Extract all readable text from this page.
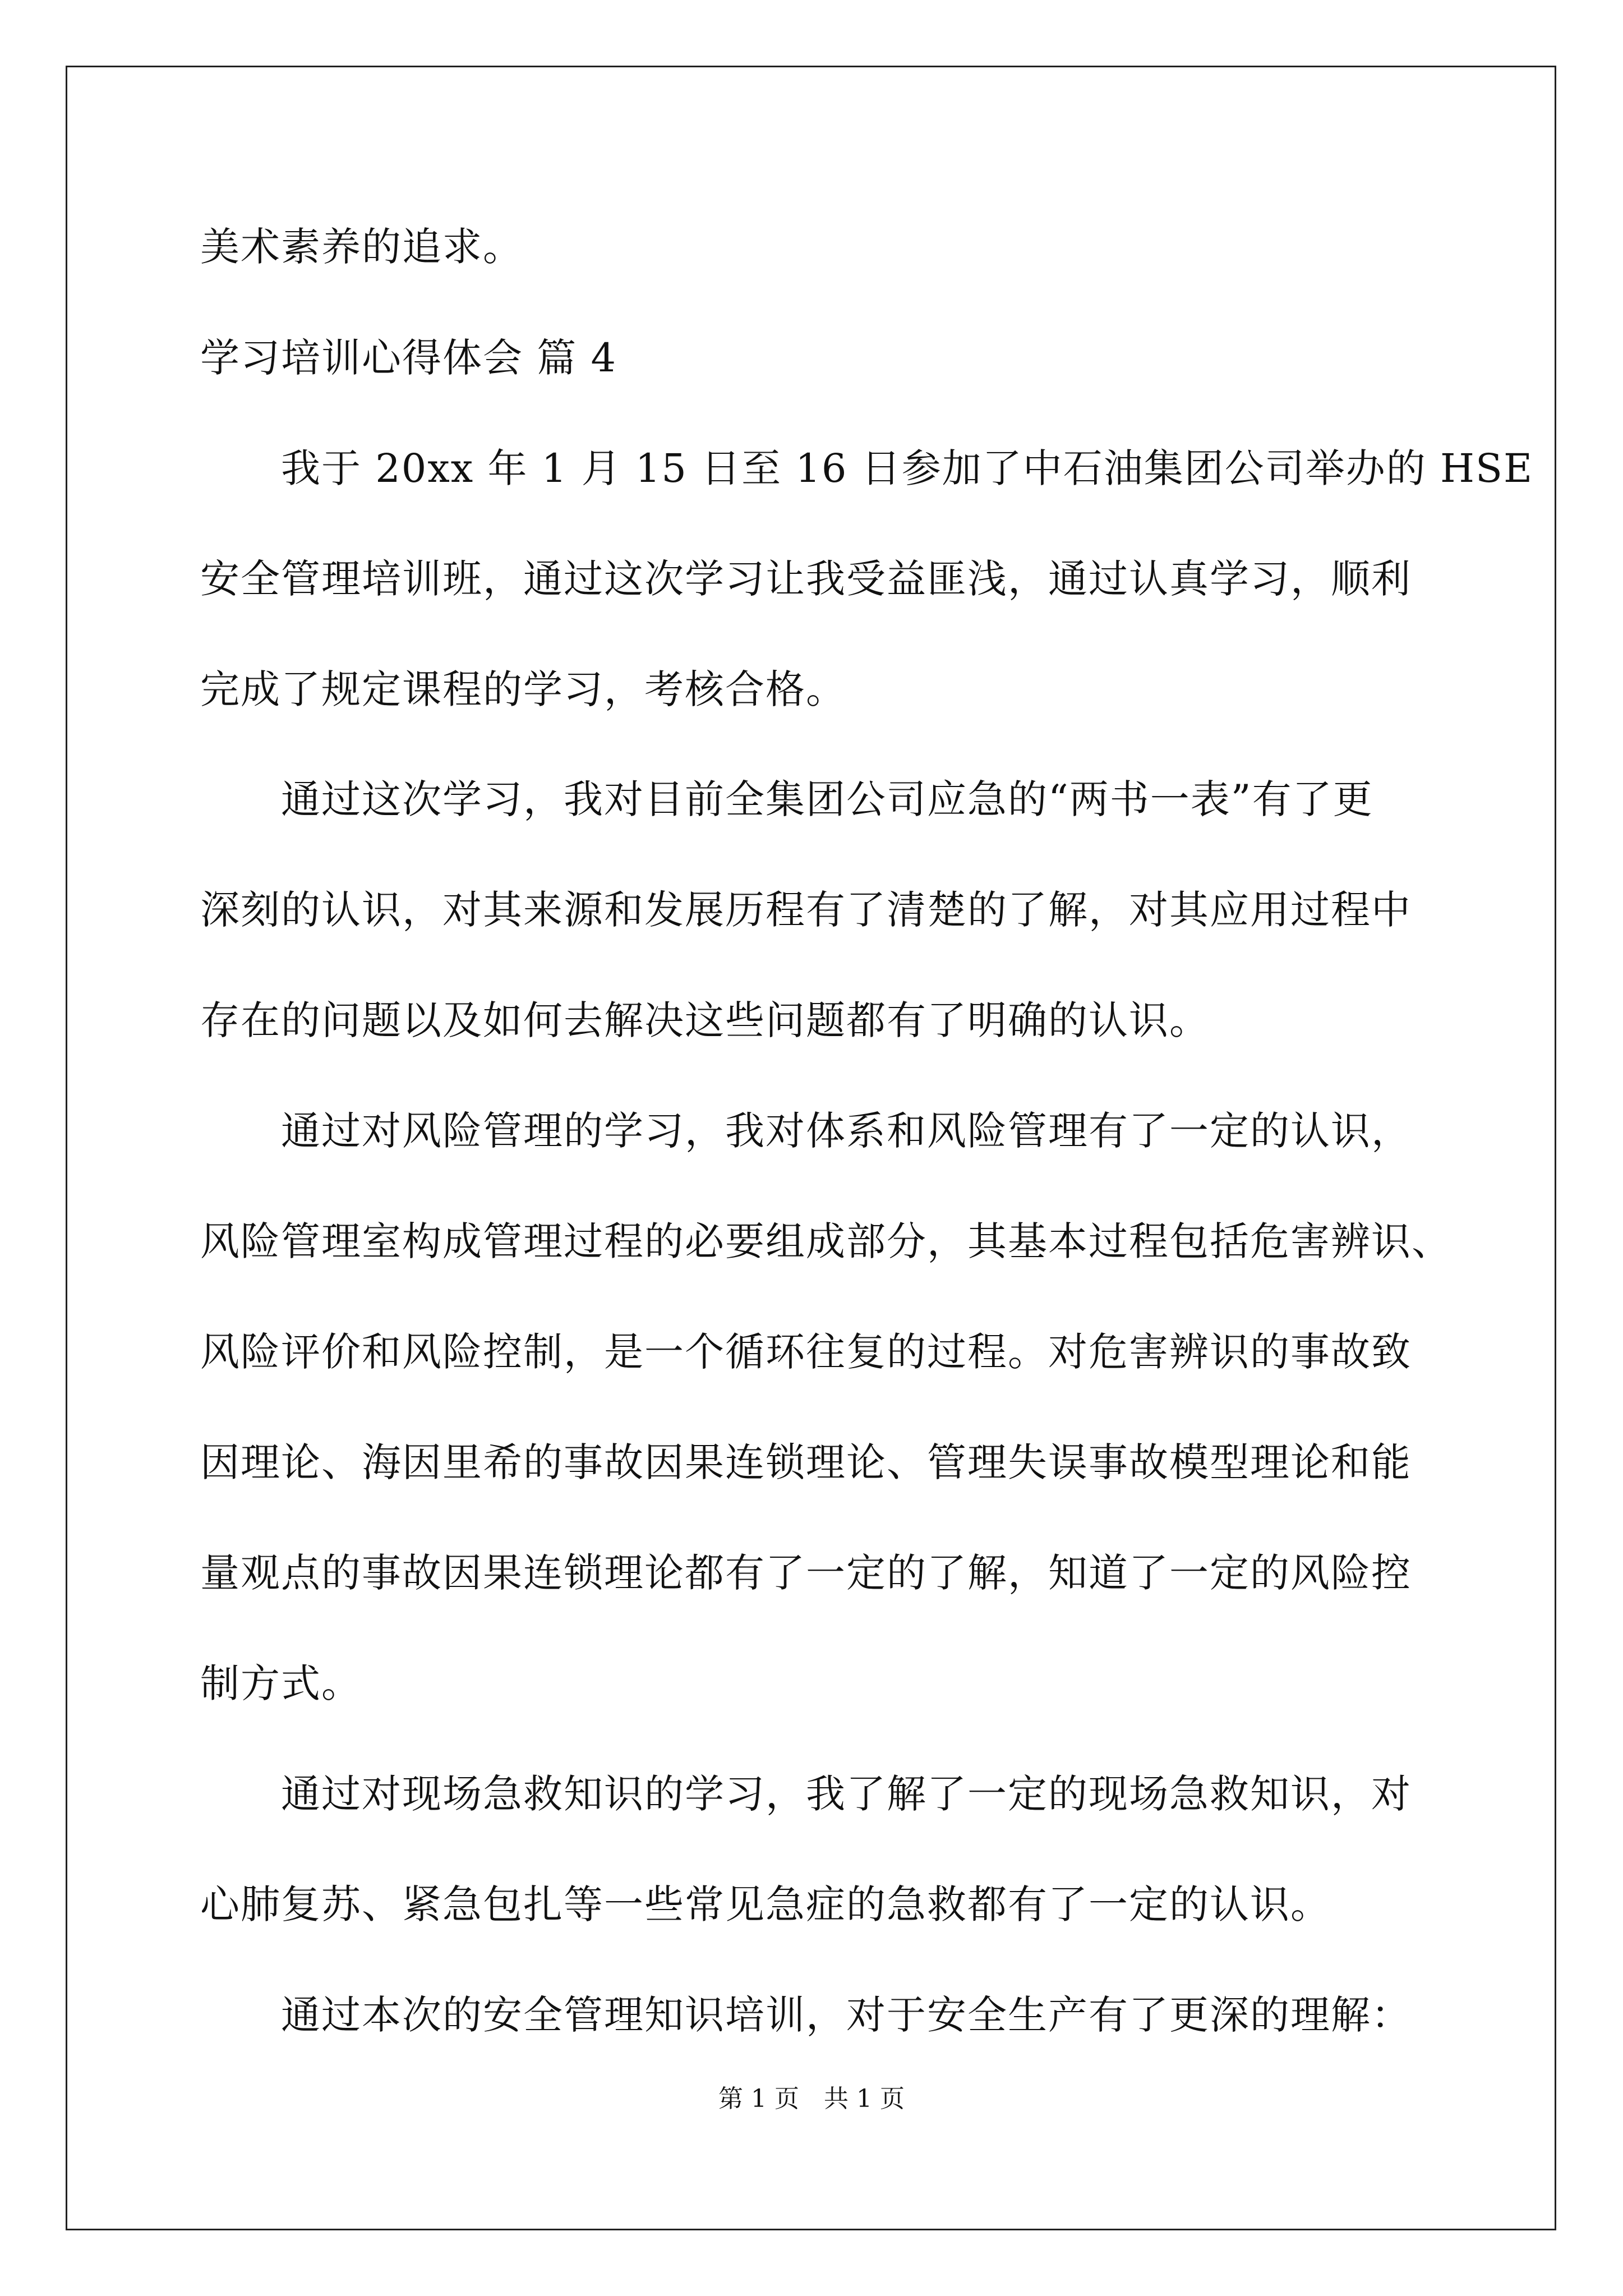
美术素养的追求。
学习培训心得体会 篇 4
　　我于 20xx 年 1 月 15 日至 16 日参加了中石油集团公司举办的 HSE
安全管理培训班，通过这次学习让我受益匪浅，通过认真学习，顺利
完成了规定课程的学习，考核合格。
　　通过这次学习，我对目前全集团公司应急的“两书一表”有了更
深刻的认识，对其来源和发展历程有了清楚的了解，对其应用过程中
存在的问题以及如何去解决这些问题都有了明确的认识。
　　通过对风险管理的学习，我对体系和风险管理有了一定的认识，
风险管理室构成管理过程的必要组成部分，其基本过程包括危害辨识、
风险评价和风险控制，是一个循环往复的过程。对危害辨识的事故致
因理论、海因里希的事故因果连锁理论、管理失误事故模型理论和能
量观点的事故因果连锁理论都有了一定的了解，知道了一定的风险控
制方式。
　　通过对现场急救知识的学习，我了解了一定的现场急救知识，对
心肺复苏、紧急包扎等一些常见急症的急救都有了一定的认识。
　　通过本次的安全管理知识培训，对于安全生产有了更深的理解：
第 1 页　共 1 页
